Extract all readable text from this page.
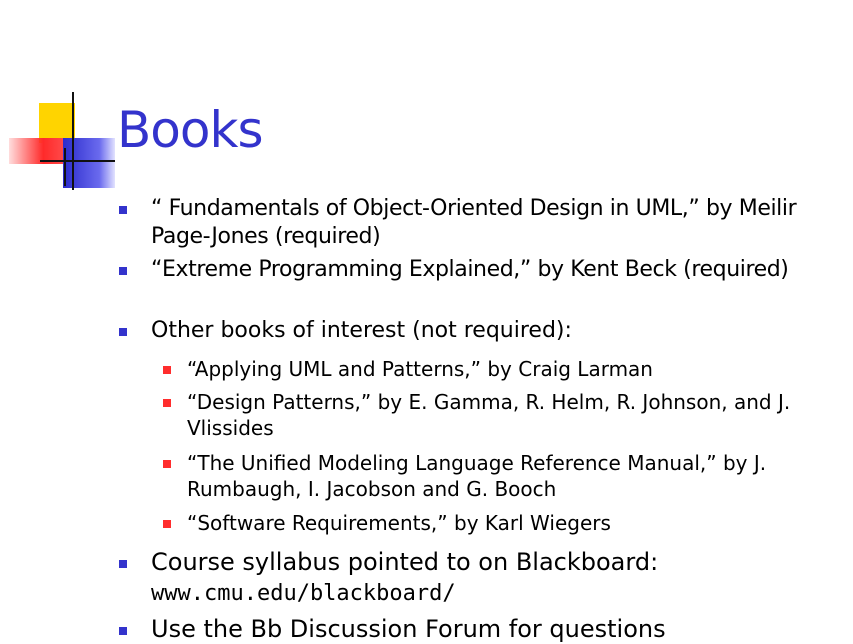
Books
“ Fundamentals of Object-Oriented Design in UML,” by Meilir Page-Jones (required)
“Extreme Programming Explained,” by Kent Beck (required)
Other books of interest (not required):
“Applying UML and Patterns,” by Craig Larman
“Design Patterns,” by E. Gamma, R. Helm, R. Johnson, and J. Vlissides
“The Unified Modeling Language Reference Manual,” by J. Rumbaugh, I. Jacobson and G. Booch
“Software Requirements,” by Karl Wiegers
Course syllabus pointed to on Blackboard:
www.cmu.edu/blackboard/
Use the Bb Discussion Forum for questions
